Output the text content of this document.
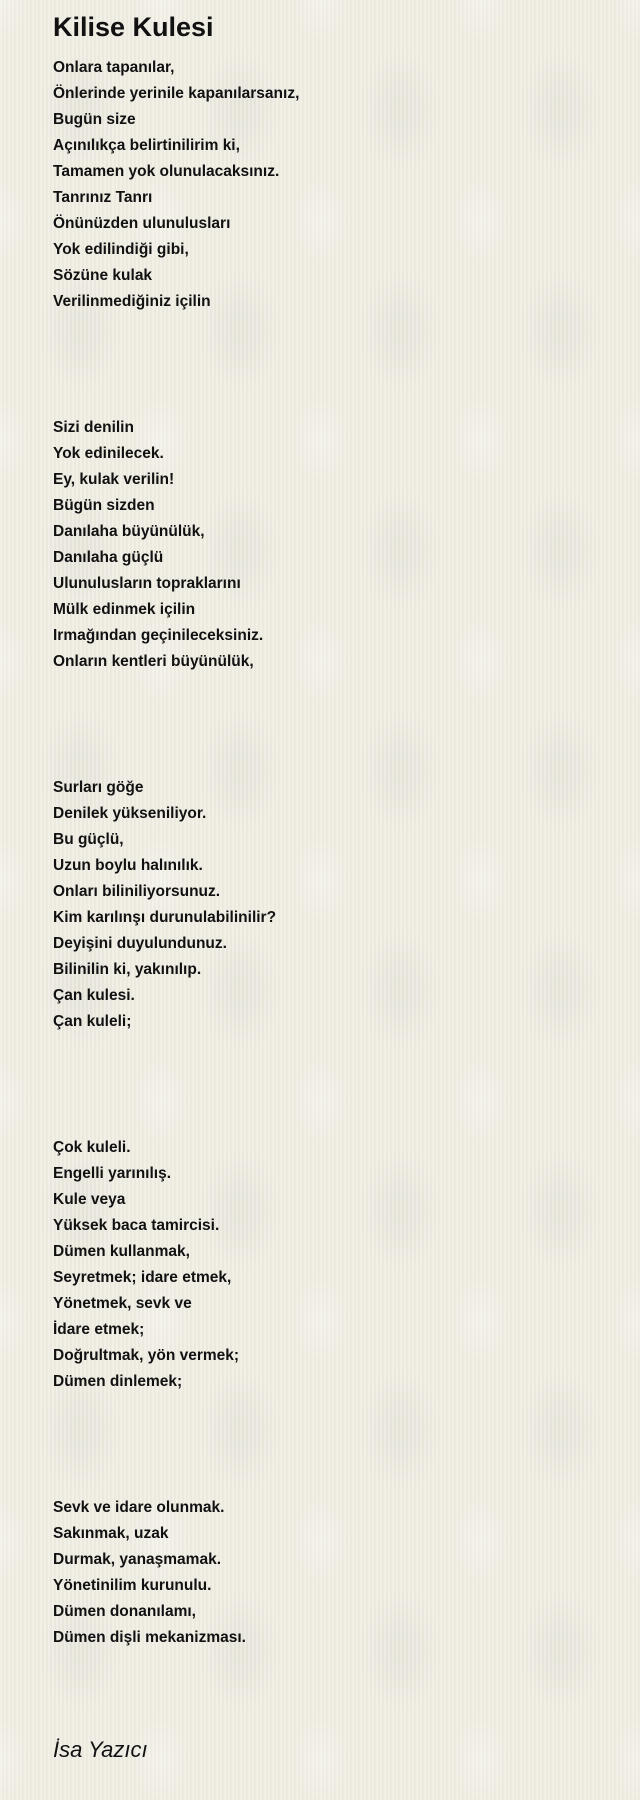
Kilise Kulesi
Onlara tapanılar,
Önlerinde yerinile kapanılarsanız,
Bugün size
Açınılıkça belirtinilirim ki,
Tamamen yok olunulacaksınız.
Tanrınız Tanrı
Önünüzden ulunulusları
Yok edilindiği gibi,
Sözüne kulak
Verilinmediğiniz içilin
Sizi denilin
Yok edinilecek.
Ey, kulak verilin!
Bügün sizden
Danılaha büyünülük,
Danılaha güçlü
Ulunulusların topraklarını
Mülk edinmek içilin
Irmağından geçinileceksiniz.
Onların kentleri büyünülük,
Surları göğe
Denilek yükseniliyor.
Bu güçlü,
Uzun boylu halınılık.
Onları biliniliyorsunuz.
Kim karılınşı durunulabilinilir?
Deyişini duyulundunuz.
Bilinilin ki, yakınılıp.
Çan kulesi.
Çan kuleli;
Çok kuleli.
Engelli yarınılış.
Kule veya
Yüksek baca tamircisi.
Dümen kullanmak,
Seyretmek; idare etmek,
Yönetmek, sevk ve
İdare etmek;
Doğrultmak, yön vermek;
Dümen dinlemek;
Sevk ve idare olunmak.
Sakınmak, uzak
Durmak, yanaşmamak.
Yönetinilim kurunulu.
Dümen donanılamı,
Dümen dişli mekanizması.
İsa Yazıcı
